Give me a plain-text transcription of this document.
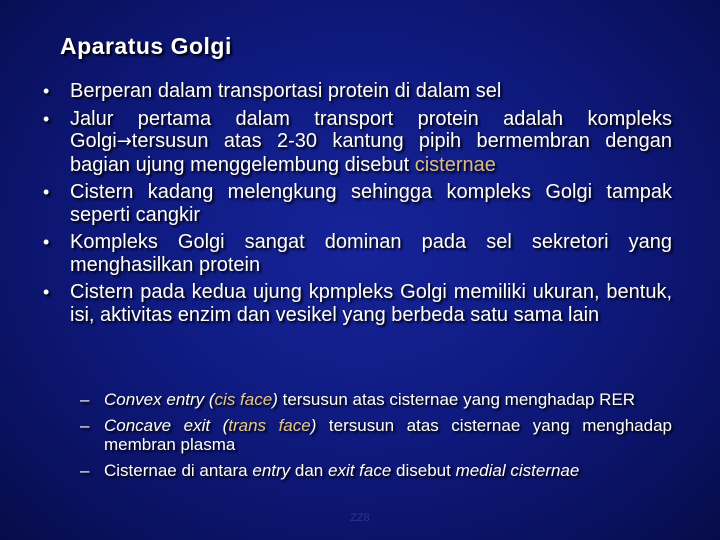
Aparatus Golgi
• Berperan dalam transportasi protein di dalam sel
• Jalur pertama dalam transport protein adalah kompleks Golgi→tersusun atas 2-30 kantung pipih bermembran dengan bagian ujung menggelembung disebut cisternae
• Cistern kadang melengkung sehingga kompleks Golgi tampak seperti cangkir
• Kompleks Golgi sangat dominan pada sel sekretori yang menghasilkan protein
• Cistern pada kedua ujung kpmpleks Golgi memiliki ukuran, bentuk, isi, aktivitas enzim dan vesikel yang berbeda satu sama lain
– Convex entry (cis face) tersusun atas cisternae yang menghadap RER
– Concave exit (trans face) tersusun atas cisternae yang menghadap membran plasma
– Cisternae di antara entry dan exit face disebut medial cisternae
ZZ8
